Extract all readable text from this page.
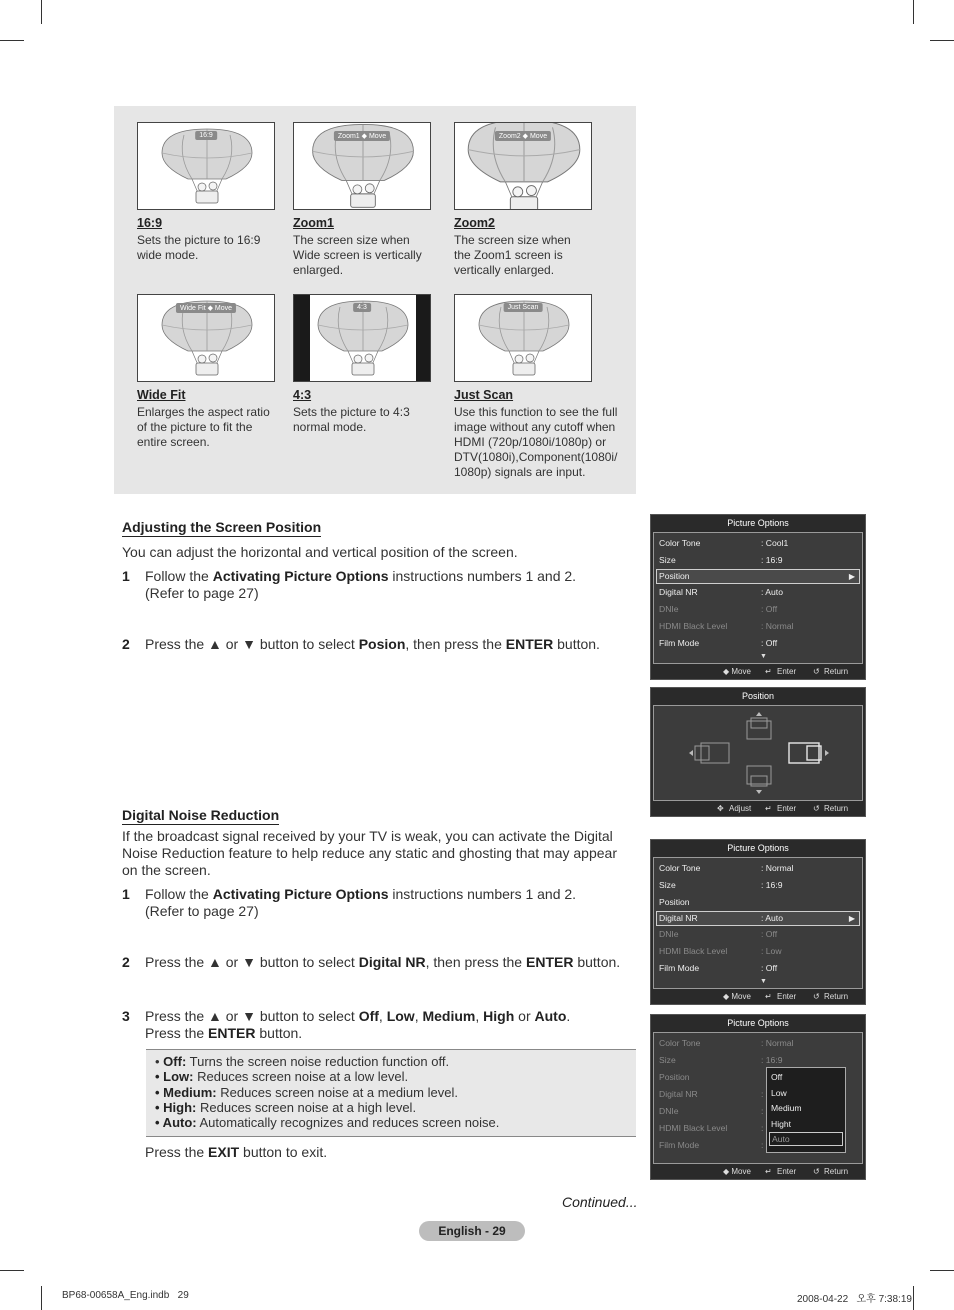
16:9
16:9
Sets the picture to 16:9
wide mode.
Zoom1 ◆ Move
Zoom1
The screen size when
Wide screen is vertically
enlarged.
Zoom2 ◆ Move
Zoom2
The screen size when
the Zoom1 screen is
vertically enlarged.
Wide Fit ◆ Move
Wide Fit
Enlarges the aspect ratio
of the picture to fit the
entire screen.
4:3
4:3
Sets the picture to 4:3
normal mode.
Just Scan
Just Scan
Use this function to see the full
image without any cutoff when
HDMI (720p/1080i/1080p) or
DTV(1080i),Component(1080i/
1080p) signals are input.
Adjusting the Screen Position
You can adjust the horizontal and vertical position of the screen.
1 Follow the Activating Picture Options instructions numbers 1 and 2.
(Refer to page 27)
2 Press the ▲ or ▼ button to select Posion, then press the ENTER button.
Digital Noise Reduction
If the broadcast signal received by your TV is weak, you can activate the Digital
Noise Reduction feature to help reduce any static and ghosting that may appear
on the screen.
1 Follow the Activating Picture Options instructions numbers 1 and 2.
(Refer to page 27)
2 Press the ▲ or ▼ button to select Digital NR, then press the ENTER button.
3 Press the ▲ or ▼ button to select Off, Low, Medium, High or Auto.
Press the ENTER button.
• Off: Turns the screen noise reduction function off.
• Low: Reduces screen noise at a low level.
• Medium: Reduces screen noise at a medium level.
• High: Reduces screen noise at a high level.
• Auto: Automatically recognizes and reduces screen noise.
Press the EXIT button to exit.
Continued...
English - 29
BP68-00658A_Eng.indb   29	2008-04-22   오후 7:38:19
Picture Options
Color Tone	: Cool1
Size	: 16:9
Position	▶
Digital NR	: Auto
DNIe	: Off
HDMI Black Level	: Normal
Film Mode	: Off
▼
◆ Move ↵ Enter ↺ Return
Position
✥ Adjust ↵ Enter ↺ Return
Picture Options
Color Tone	: Normal
Size	: 16:9
Position
Digital NR	: Auto	▶
DNIe	: Off
HDMI Black Level	: Low
Film Mode	: Off
▼
◆ Move ↵ Enter ↺ Return
Picture Options
Color Tone	: Normal
Size	: 16:9
Position
Digital NR	:
DNIe	:
HDMI Black Level	:
Film Mode	:
Off
Low
Medium
Hight
Auto
◆ Move ↵ Enter ↺ Return
